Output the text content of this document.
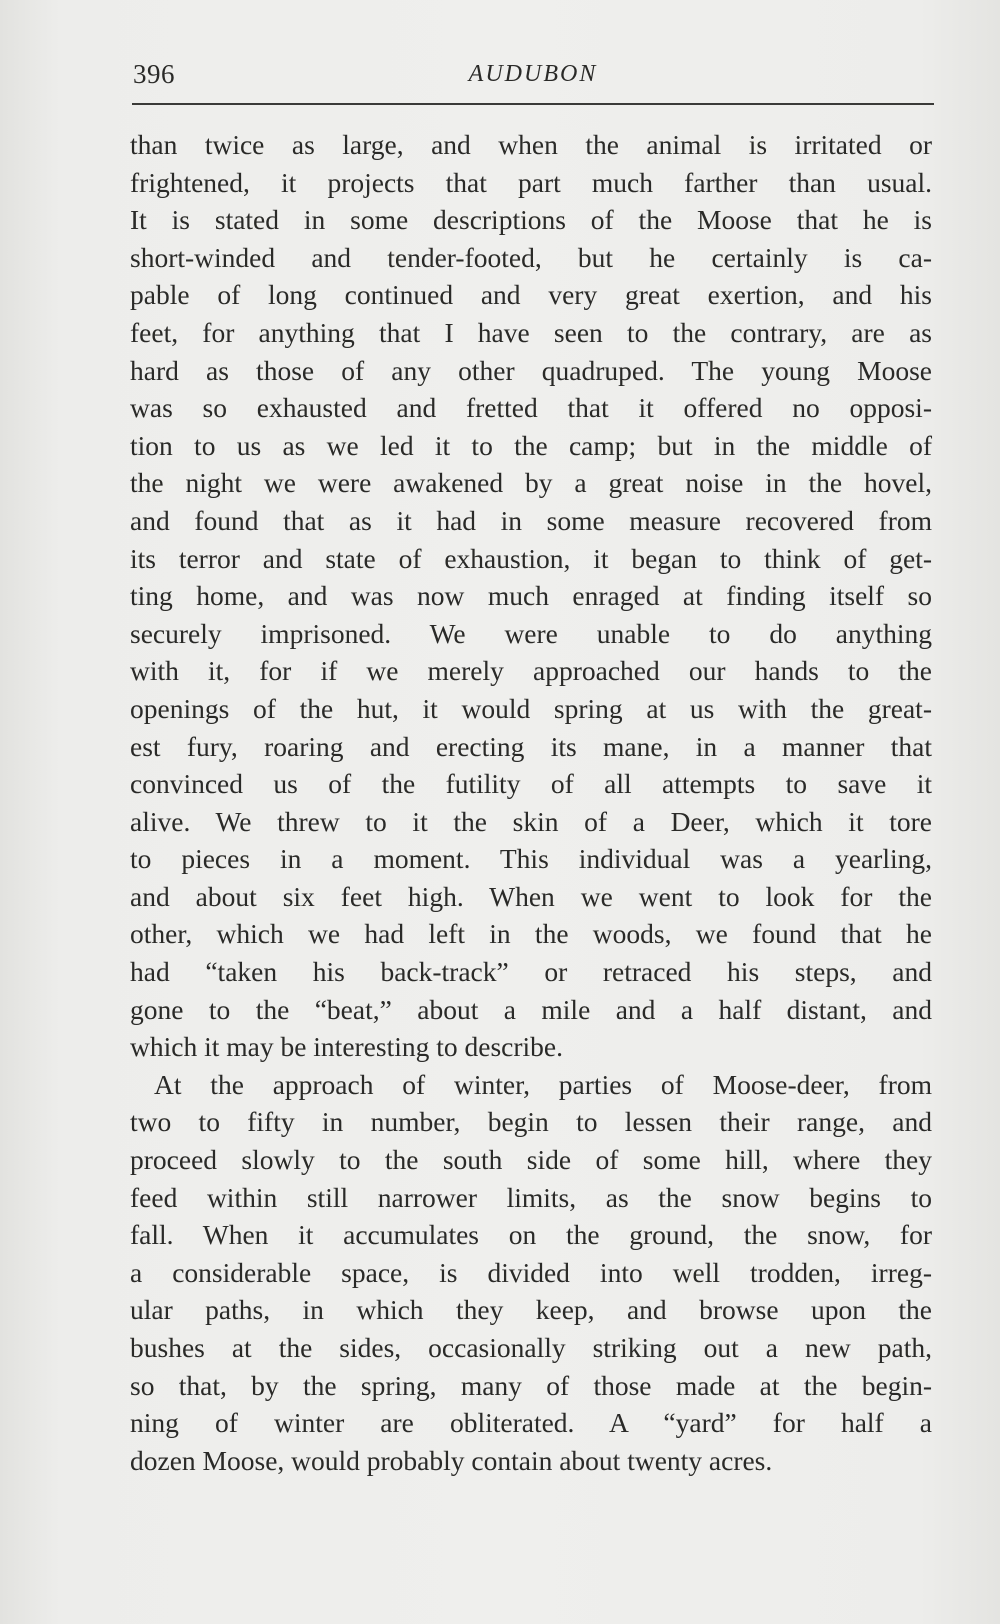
396	AUDUBON
than twice as large, and when the animal is irritated or
frightened, it projects that part much farther than usual.
It is stated in some descriptions of the Moose that he is
short-winded and tender-footed, but he certainly is ca-
pable of long continued and very great exertion, and his
feet, for anything that I have seen to the contrary, are as
hard as those of any other quadruped. The young Moose
was so exhausted and fretted that it offered no opposi-
tion to us as we led it to the camp; but in the middle of
the night we were awakened by a great noise in the hovel,
and found that as it had in some measure recovered from
its terror and state of exhaustion, it began to think of get-
ting home, and was now much enraged at finding itself so
securely imprisoned. We were unable to do anything
with it, for if we merely approached our hands to the
openings of the hut, it would spring at us with the great-
est fury, roaring and erecting its mane, in a manner that
convinced us of the futility of all attempts to save it
alive. We threw to it the skin of a Deer, which it tore
to pieces in a moment. This individual was a yearling,
and about six feet high. When we went to look for the
other, which we had left in the woods, we found that he
had “taken his back-track” or retraced his steps, and
gone to the “beat,” about a mile and a half distant, and
which it may be interesting to describe.
At the approach of winter, parties of Moose-deer, from
two to fifty in number, begin to lessen their range, and
proceed slowly to the south side of some hill, where they
feed within still narrower limits, as the snow begins to
fall. When it accumulates on the ground, the snow, for
a considerable space, is divided into well trodden, irreg-
ular paths, in which they keep, and browse upon the
bushes at the sides, occasionally striking out a new path,
so that, by the spring, many of those made at the begin-
ning of winter are obliterated. A “yard” for half a
dozen Moose, would probably contain about twenty acres.
